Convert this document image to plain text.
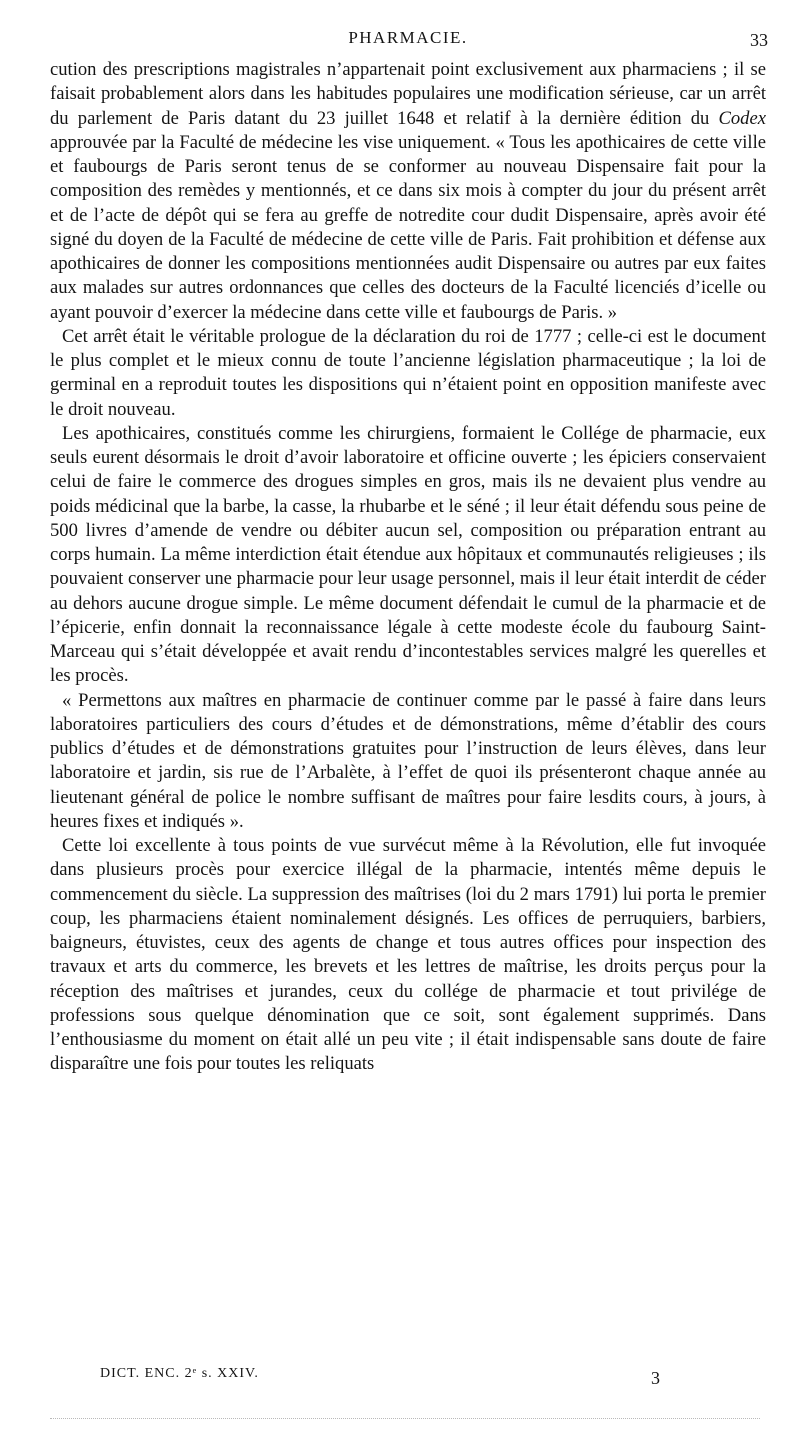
PHARMACIE.	33

cution des prescriptions magistrales n’appartenait point exclusivement aux pharmaciens ; il se faisait probablement alors dans les habitudes populaires une modification sérieuse, car un arrêt du parlement de Paris datant du 23 juillet 1648 et relatif à la dernière édition du Codex approuvée par la Faculté de médecine les vise uniquement. « Tous les apothicaires de cette ville et faubourgs de Paris seront tenus de se conformer au nouveau Dispensaire fait pour la composition des remèdes y mentionnés, et ce dans six mois à compter du jour du présent arrêt et de l’acte de dépôt qui se fera au greffe de notredite cour dudit Dispensaire, après avoir été signé du doyen de la Faculté de médecine de cette ville de Paris. Fait prohibition et défense aux apothicaires de donner les compositions mentionnées audit Dispensaire ou autres par eux faites aux malades sur autres ordonnances que celles des docteurs de la Faculté licenciés d’icelle ou ayant pouvoir d’exercer la médecine dans cette ville et faubourgs de Paris. »

Cet arrêt était le véritable prologue de la déclaration du roi de 1777 ; celle-ci est le document le plus complet et le mieux connu de toute l’ancienne législation pharmaceutique ; la loi de germinal en a reproduit toutes les dispositions qui n’étaient point en opposition manifeste avec le droit nouveau.

Les apothicaires, constitués comme les chirurgiens, formaient le Collége de pharmacie, eux seuls eurent désormais le droit d’avoir laboratoire et officine ouverte ; les épiciers conservaient celui de faire le commerce des drogues simples en gros, mais ils ne devaient plus vendre au poids médicinal que la barbe, la casse, la rhubarbe et le séné ; il leur était défendu sous peine de 500 livres d’amende de vendre ou débiter aucun sel, composition ou préparation entrant au corps humain. La même interdiction était étendue aux hôpitaux et communautés religieuses ; ils pouvaient conserver une pharmacie pour leur usage personnel, mais il leur était interdit de céder au dehors aucune drogue simple. Le même document défendait le cumul de la pharmacie et de l’épicerie, enfin donnait la reconnaissance légale à cette modeste école du faubourg Saint-Marceau qui s’était développée et avait rendu d’incontestables services malgré les querelles et les procès.

« Permettons aux maîtres en pharmacie de continuer comme par le passé à faire dans leurs laboratoires particuliers des cours d’études et de démonstrations, même d’établir des cours publics d’études et de démonstrations gratuites pour l’instruction de leurs élèves, dans leur laboratoire et jardin, sis rue de l’Arbalète, à l’effet de quoi ils présenteront chaque année au lieutenant général de police le nombre suffisant de maîtres pour faire lesdits cours, à jours, à heures fixes et indiqués ».

Cette loi excellente à tous points de vue survécut même à la Révolution, elle fut invoquée dans plusieurs procès pour exercice illégal de la pharmacie, intentés même depuis le commencement du siècle. La suppression des maîtrises (loi du 2 mars 1791) lui porta le premier coup, les pharmaciens étaient nominalement désignés. Les offices de perruquiers, barbiers, baigneurs, étuvistes, ceux des agents de change et tous autres offices pour inspection des travaux et arts du commerce, les brevets et les lettres de maîtrise, les droits perçus pour la réception des maîtrises et jurandes, ceux du collége de pharmacie et tout privilége de professions sous quelque dénomination que ce soit, sont également supprimés. Dans l’enthousiasme du moment on était allé un peu vite ; il était indispensable sans doute de faire disparaître une fois pour toutes les reliquats

DICT. ENC. 2ᵉ s. XXIV.	3
